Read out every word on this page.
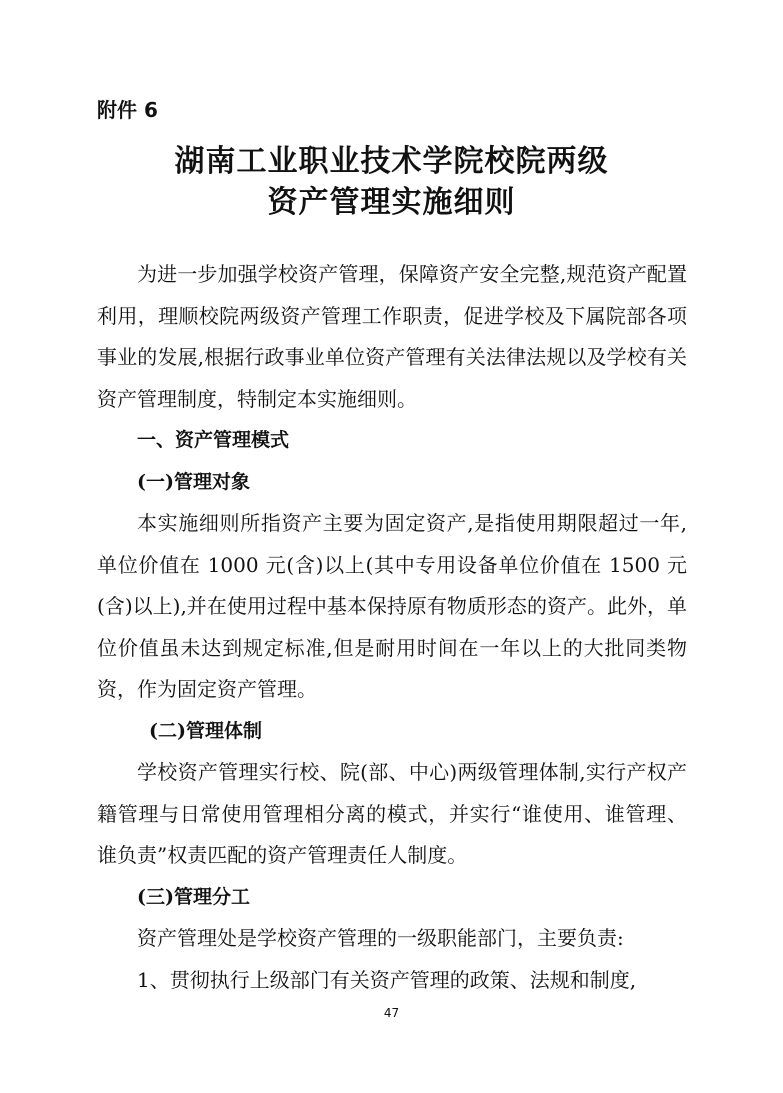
附件 6
湖南工业职业技术学院校院两级
资产管理实施细则

为进一步加强学校资产管理，保障资产安全完整,规范资产配置利用，理顺校院两级资产管理工作职责，促进学校及下属院部各项事业的发展,根据行政事业单位资产管理有关法律法规以及学校有关资产管理制度，特制定本实施细则。

一、资产管理模式

(一)管理对象

本实施细则所指资产主要为固定资产,是指使用期限超过一年,单位价值在 1000 元(含)以上(其中专用设备单位价值在 1500 元(含)以上),并在使用过程中基本保持原有物质形态的资产。此外，单位价值虽未达到规定标准,但是耐用时间在一年以上的大批同类物资，作为固定资产管理。

(二)管理体制

学校资产管理实行校、院(部、中心)两级管理体制,实行产权产籍管理与日常使用管理相分离的模式，并实行“谁使用、谁管理、谁负责”权责匹配的资产管理责任人制度。

(三)管理分工

资产管理处是学校资产管理的一级职能部门，主要负责:

1、贯彻执行上级部门有关资产管理的政策、法规和制度,

47
